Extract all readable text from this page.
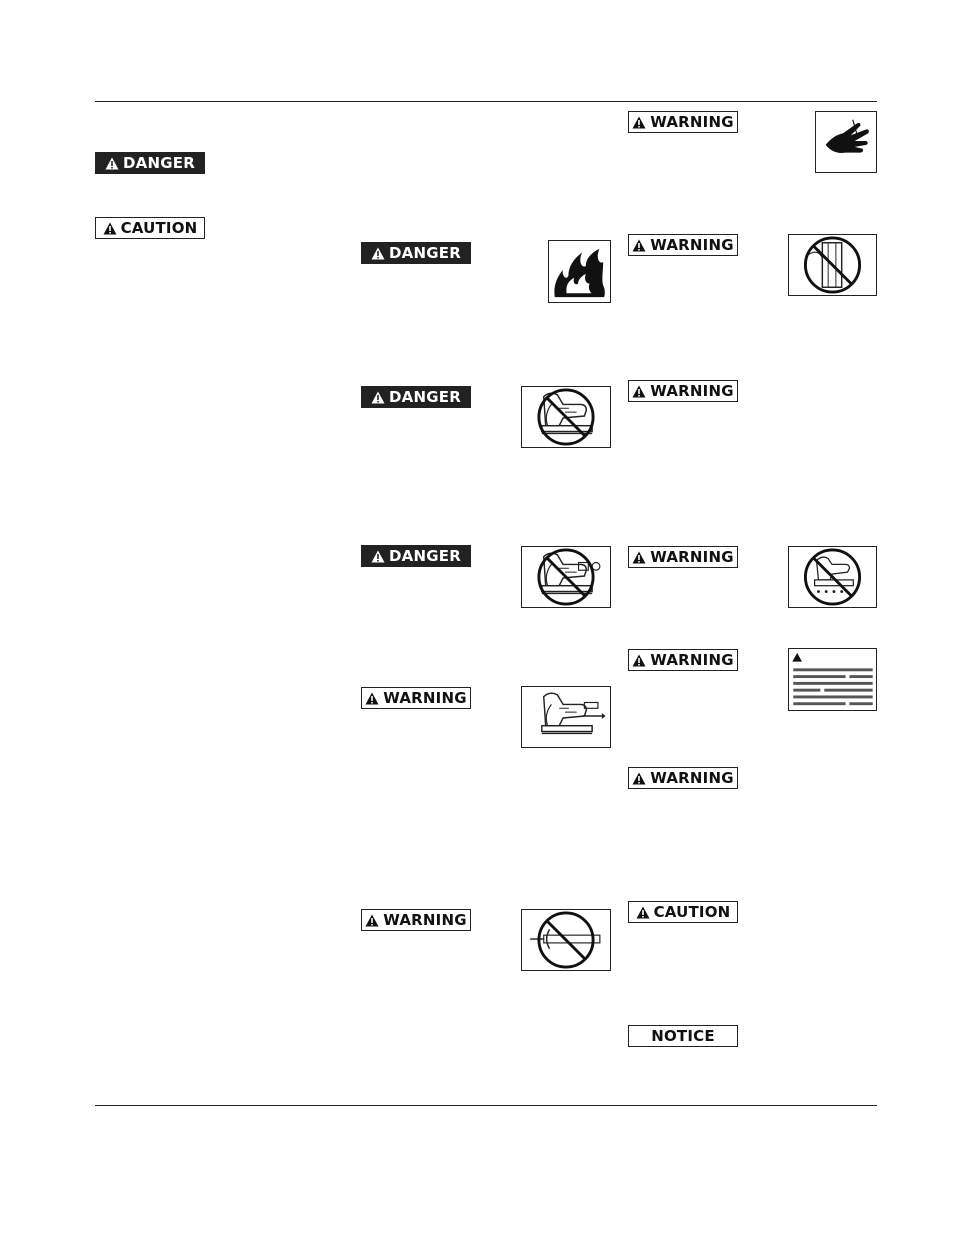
DANGER
CAUTION
DANGER
DANGER
DANGER
WARNING
WARNING
WARNING
WARNING
WARNING
WARNING
WARNING
WARNING
CAUTION
NOTICE
